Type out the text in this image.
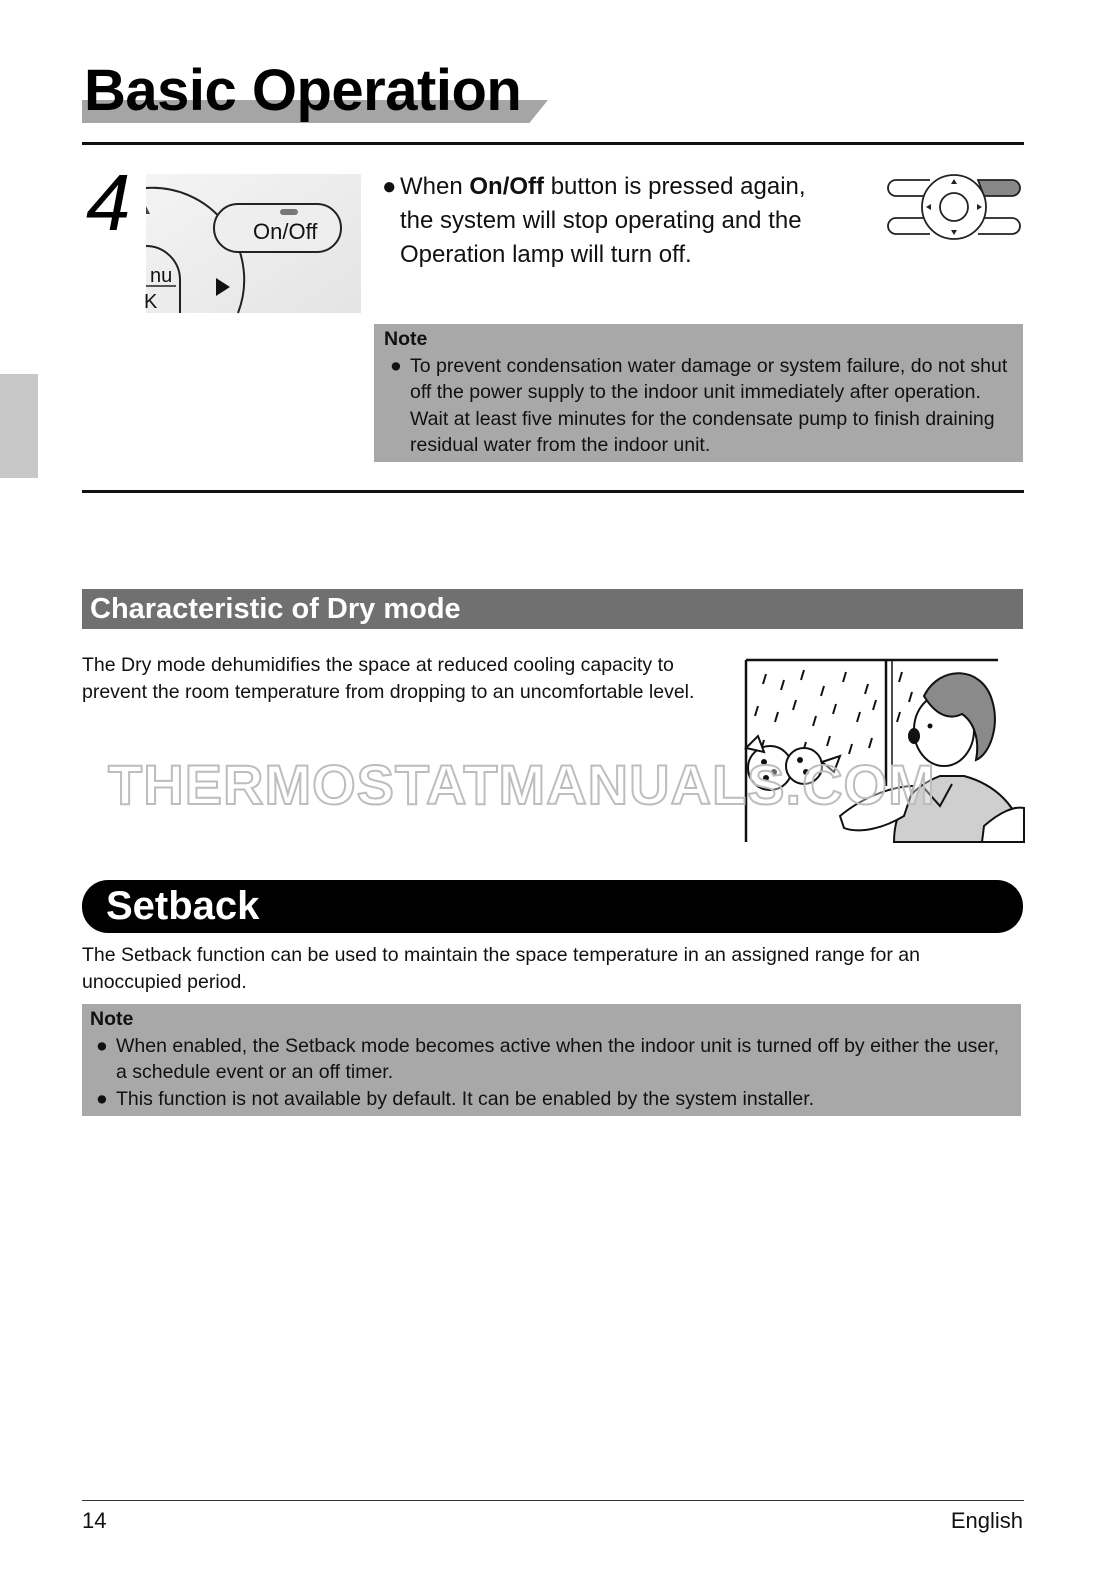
Basic Operation
4
nu
K
On/Off
● When On/Off button is pressed again,
the system will stop operating and the
Operation lamp will turn off.
Note
● To prevent condensation water damage or system failure, do not shut off the power supply to the indoor unit immediately after operation. Wait at least five minutes for the condensate pump to finish draining residual water from the indoor unit.
Characteristic of Dry mode
The Dry mode dehumidifies the space at reduced cooling capacity to prevent the room temperature from dropping to an uncomfortable level.
THERMOSTATMANUALS.COM
Setback
The Setback function can be used to maintain the space temperature in an assigned range for an unoccupied period.
Note
● When enabled, the Setback mode becomes active when the indoor unit is turned off by either the user, a schedule event or an off timer.
● This function is not available by default. It can be enabled by the system installer.
14	English
